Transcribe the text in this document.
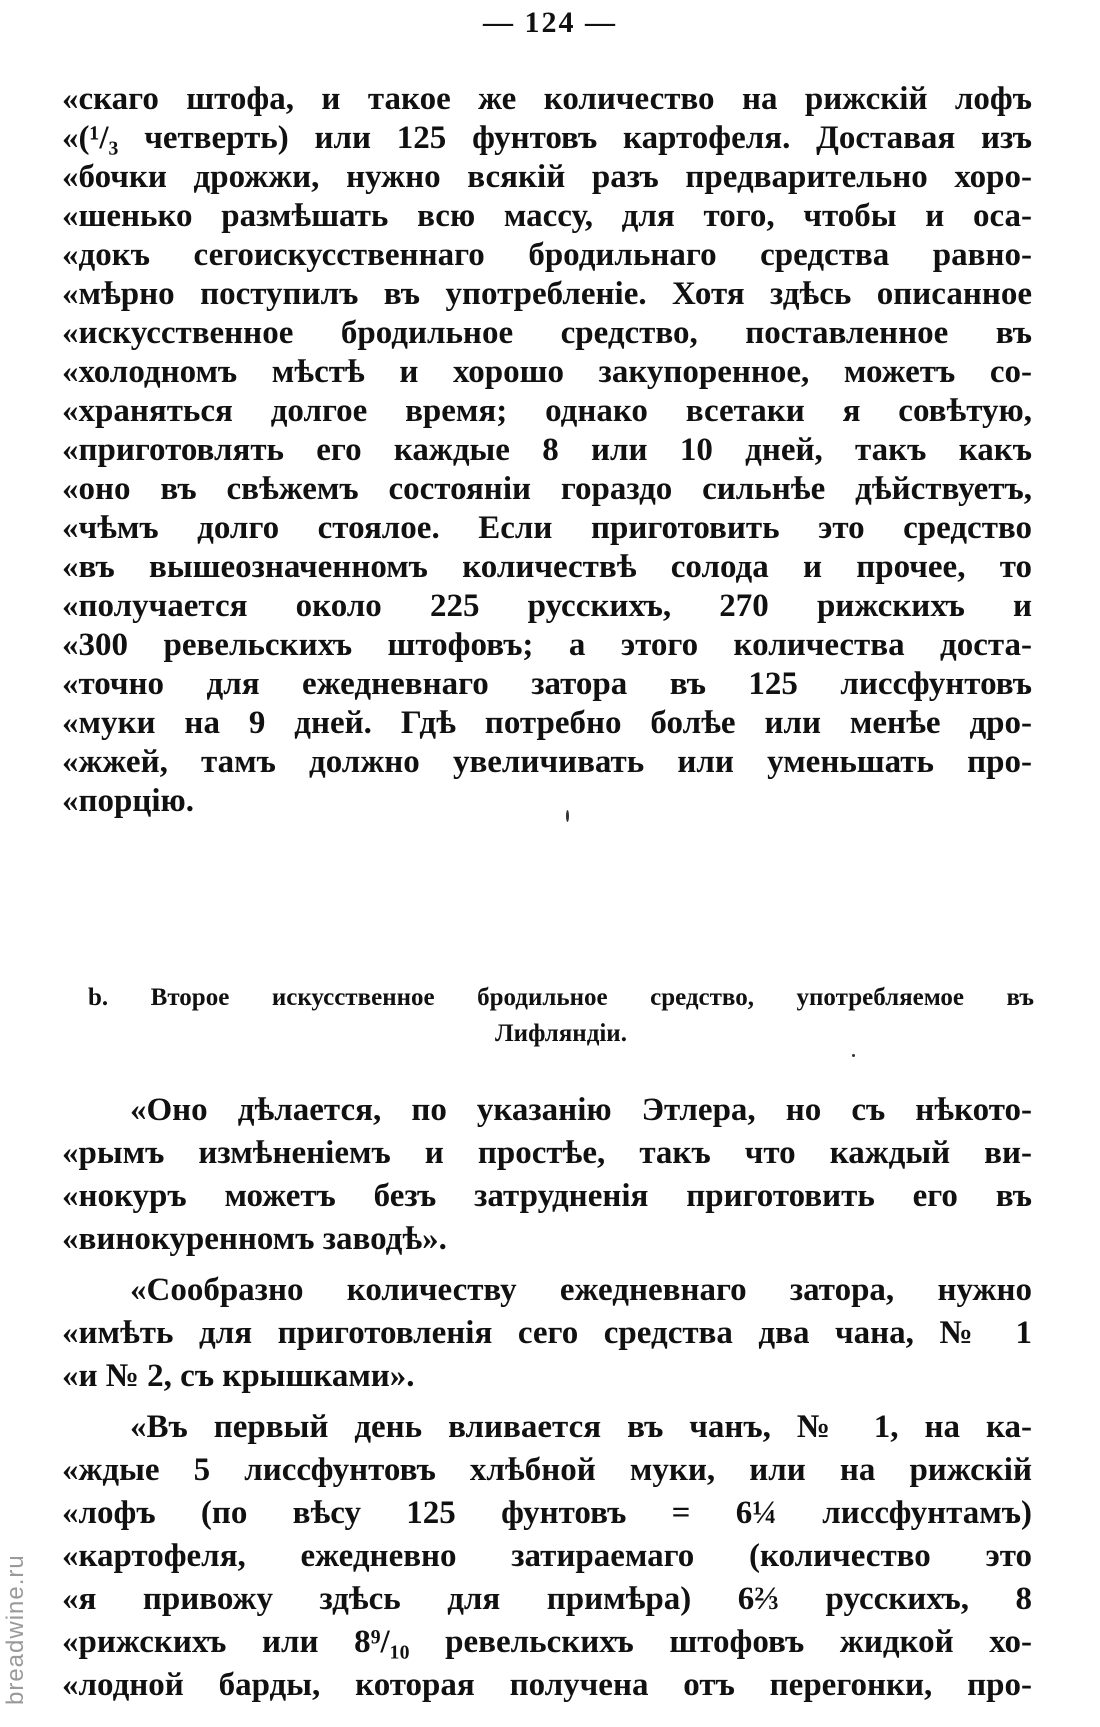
— 124 —

«скаго штофа, и такое же количество на рижскій лофъ

«(¹/₃ четверть) или 125 фунтовъ картофеля. Доставая изъ

«бочки дрожжи, нужно всякій разъ предварительно хоро-

«шенько размѣшать всю массу, для того, чтобы и оса-

«докъ сегоискусственнаго бродильнаго средства равно-

«мѣрно поступилъ въ употребленіе. Хотя здѣсь описанное

«искусственное бродильное средство, поставленное въ

«холодномъ мѣстѣ и хорошо закупоренное, можетъ со-

«храняться долгое время; однако всетаки я совѣтую,

«приготовлять его каждые 8 или 10 дней, такъ какъ

«оно въ свѣжемъ состояніи гораздо сильнѣе дѣйствуетъ,

«чѣмъ долго стоялое. Если приготовить это средство

«въ вышеозначенномъ количествѣ солода и прочее, то

«получается около 225 русскихъ, 270 рижскихъ и

«300 ревельскихъ штофовъ; а этого количества доста-

«точно для ежедневнаго затора въ 125 лиссфунтовъ

«муки на 9 дней. Гдѣ потребно болѣе или менѣе дро-

«жжей, тамъ должно увеличивать или уменьшать про-

«порцію.

b. Второе искусственное бродильное средство, употребляемое въ

Лифляндіи.

«Оно дѣлается, по указанію Этлера, но съ нѣкото-

«рымъ измѣненіемъ и простѣе, такъ что каждый ви-

«нокуръ можетъ безъ затрудненія приготовить его въ

«винокуренномъ заводѣ».

«Сообразно количеству ежедневнаго затора, нужно

«имѣть для приготовленія сего средства два чана, № 1

«и № 2, съ крышками».

«Въ первый день вливается въ чанъ, № 1, на ка-

«ждые 5 лиссфунтовъ хлѣбной муки, или на рижскій

«лофъ (по вѣсу 125 фунтовъ = 6¼ лиссфунтамъ)

«картофеля, ежедневно затираемаго (количество это

«я привожу здѣсь для примѣра) 6⅔ русскихъ, 8

«рижскихъ или 8⁹/₁₀ ревельскихъ штофовъ жидкой хо-

«лодной барды, которая получена отъ перегонки, про-

breadwine.ru
